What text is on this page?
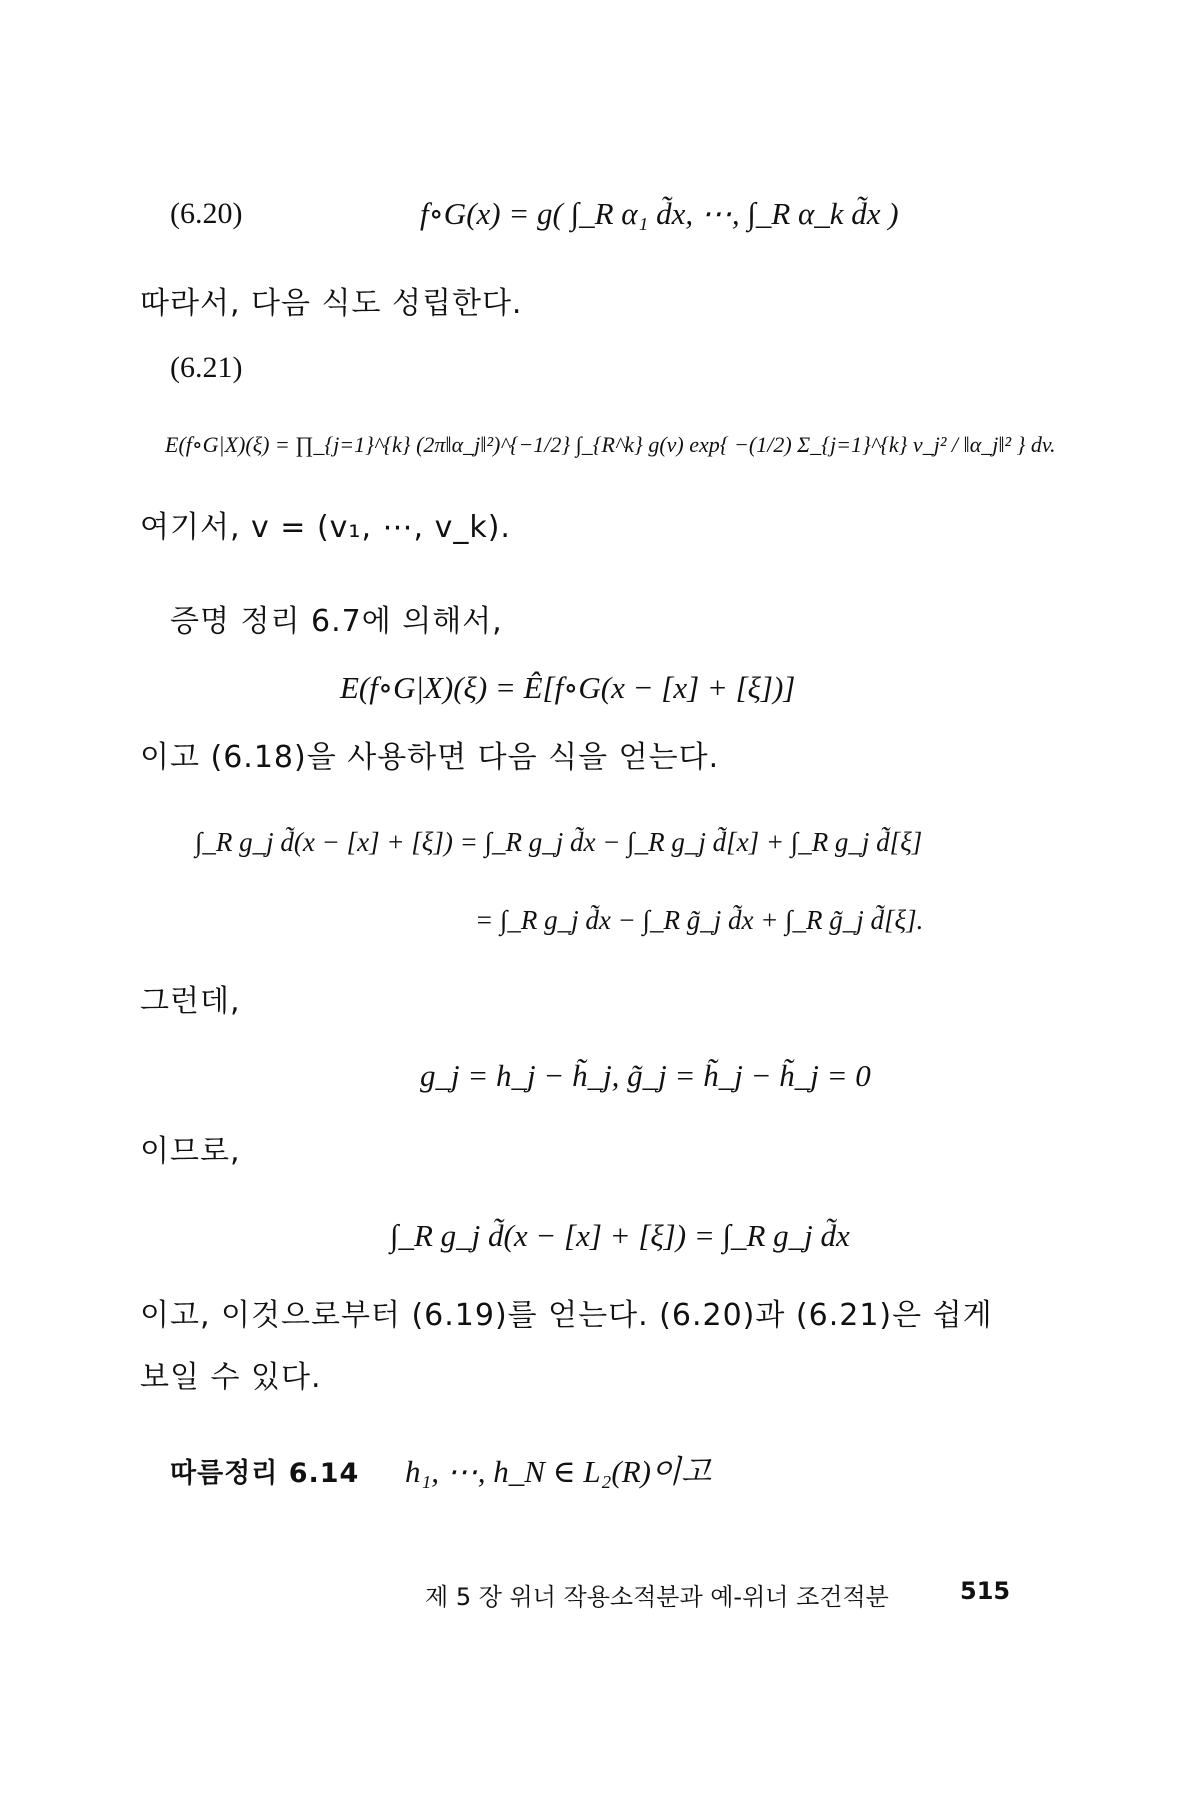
(6.20)	f∘G(x) = g( ∫_R α₁ d̃x, ⋯, ∫_R α_k d̃x )
따라서, 다음 식도 성립한다.
(6.21)
E(f∘G|X)(ξ) = ∏_{j=1}^{k} (2π‖α_j‖²)^{−1/2} ∫_{R^k} g(v) exp{ −(1/2) Σ_{j=1}^{k} v_j² / ‖α_j‖² } dv.
여기서, v = (v₁, ⋯, v_k).
증명 정리 6.7에 의해서,
E(f∘G|X)(ξ) = Ê[f∘G(x − [x] + [ξ])]
이고 (6.18)을 사용하면 다음 식을 얻는다.
∫_R g_j d̃(x − [x] + [ξ]) = ∫_R g_j d̃x − ∫_R g_j d̃[x] + ∫_R g_j d̃[ξ]
= ∫_R g_j d̃x − ∫_R g̃_j d̃x + ∫_R g̃_j d̃[ξ].
그런데,
g_j = h_j − h̃_j, g̃_j = h̃_j − h̃_j = 0
이므로,
∫_R g_j d̃(x − [x] + [ξ]) = ∫_R g_j d̃x
이고, 이것으로부터 (6.19)를 얻는다. (6.20)과 (6.21)은 쉽게
보일 수 있다.
따름정리 6.14 h₁, ⋯, h_N ∈ L₂(R)이고
제 5 장 위너 작용소적분과 예-위너 조건적분	515
